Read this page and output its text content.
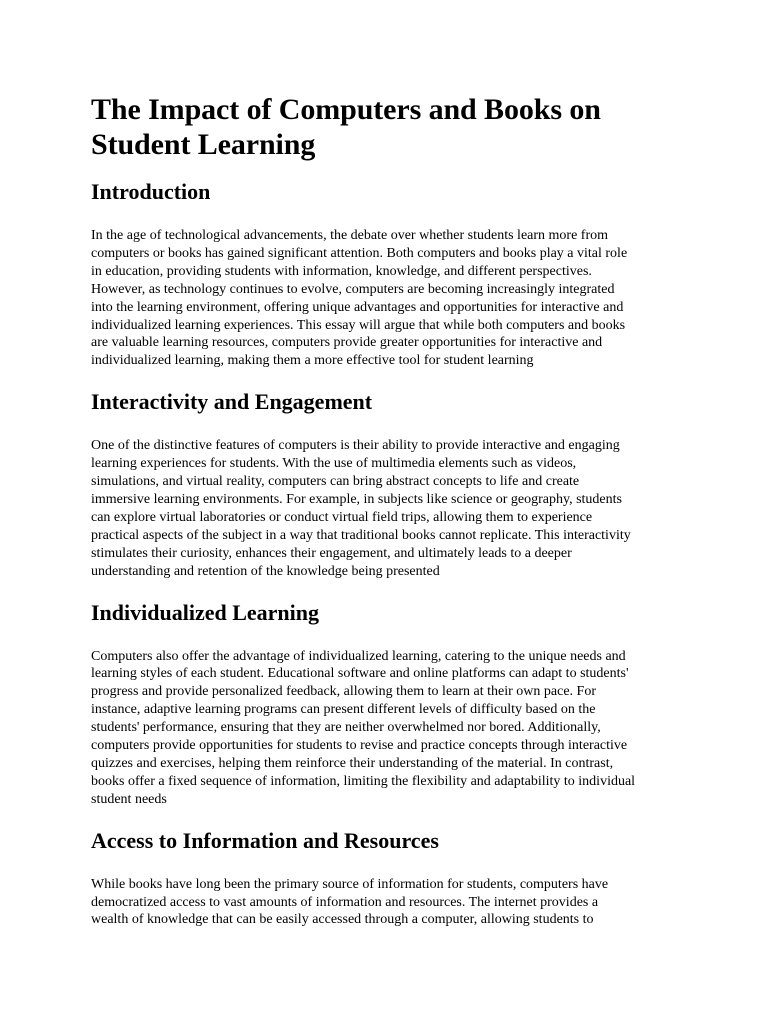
The Impact of Computers and Books on
Student Learning
Introduction

In the age of technological advancements, the debate over whether students learn more from
computers or books has gained significant attention. Both computers and books play a vital role
in education, providing students with information, knowledge, and different perspectives.
However, as technology continues to evolve, computers are becoming increasingly integrated
into the learning environment, offering unique advantages and opportunities for interactive and
individualized learning experiences. This essay will argue that while both computers and books
are valuable learning resources, computers provide greater opportunities for interactive and
individualized learning, making them a more effective tool for student learning

Interactivity and Engagement

One of the distinctive features of computers is their ability to provide interactive and engaging
learning experiences for students. With the use of multimedia elements such as videos,
simulations, and virtual reality, computers can bring abstract concepts to life and create
immersive learning environments. For example, in subjects like science or geography, students
can explore virtual laboratories or conduct virtual field trips, allowing them to experience
practical aspects of the subject in a way that traditional books cannot replicate. This interactivity
stimulates their curiosity, enhances their engagement, and ultimately leads to a deeper
understanding and retention of the knowledge being presented

Individualized Learning

Computers also offer the advantage of individualized learning, catering to the unique needs and
learning styles of each student. Educational software and online platforms can adapt to students'
progress and provide personalized feedback, allowing them to learn at their own pace. For
instance, adaptive learning programs can present different levels of difficulty based on the
students' performance, ensuring that they are neither overwhelmed nor bored. Additionally,
computers provide opportunities for students to revise and practice concepts through interactive
quizzes and exercises, helping them reinforce their understanding of the material. In contrast,
books offer a fixed sequence of information, limiting the flexibility and adaptability to individual
student needs

Access to Information and Resources

While books have long been the primary source of information for students, computers have
democratized access to vast amounts of information and resources. The internet provides a
wealth of knowledge that can be easily accessed through a computer, allowing students to
